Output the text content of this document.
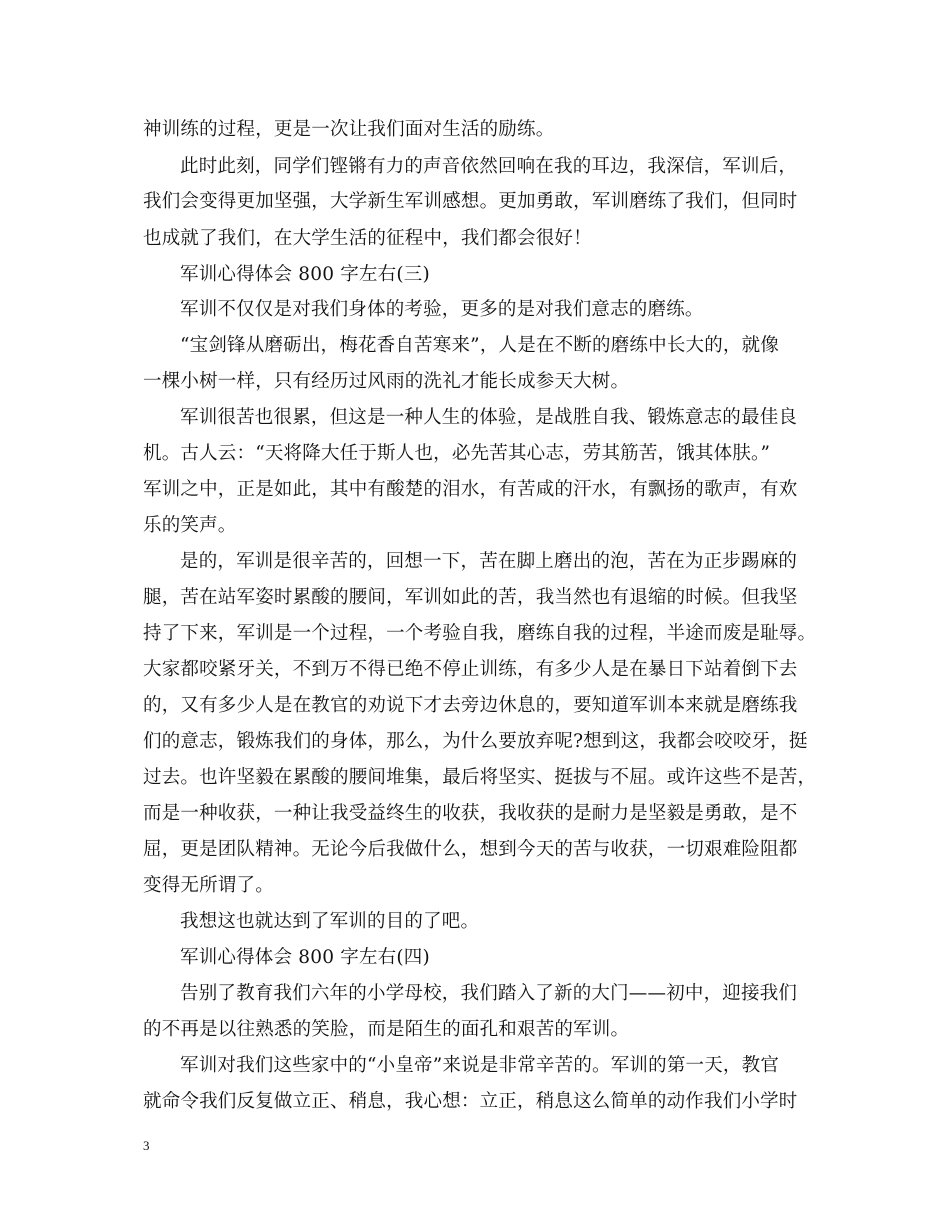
神训练的过程，更是一次让我们面对生活的励练。
此时此刻，同学们铿锵有力的声音依然回响在我的耳边，我深信，军训后，
我们会变得更加坚强，大学新生军训感想。更加勇敢，军训磨练了我们，但同时
也成就了我们，在大学生活的征程中，我们都会很好！
军训心得体会 800 字左右(三)
军训不仅仅是对我们身体的考验，更多的是对我们意志的磨练。
“宝剑锋从磨砺出，梅花香自苦寒来”，人是在不断的磨练中长大的，就像
一棵小树一样，只有经历过风雨的洗礼才能长成参天大树。
军训很苦也很累，但这是一种人生的体验，是战胜自我、锻炼意志的最佳良
机。古人云：“天将降大任于斯人也，必先苦其心志，劳其筋苦，饿其体肤。”
军训之中，正是如此，其中有酸楚的泪水，有苦咸的汗水，有飘扬的歌声，有欢
乐的笑声。
是的，军训是很辛苦的，回想一下，苦在脚上磨出的泡，苦在为正步踢麻的
腿，苦在站军姿时累酸的腰间，军训如此的苦，我当然也有退缩的时候。但我坚
持了下来，军训是一个过程，一个考验自我，磨练自我的过程，半途而废是耻辱。
大家都咬紧牙关，不到万不得已绝不停止训练，有多少人是在暴日下站着倒下去
的，又有多少人是在教官的劝说下才去旁边休息的，要知道军训本来就是磨练我
们的意志，锻炼我们的身体，那么，为什么要放弃呢?想到这，我都会咬咬牙，挺
过去。也许坚毅在累酸的腰间堆集，最后将坚实、挺拔与不屈。或许这些不是苦，
而是一种收获，一种让我受益终生的收获，我收获的是耐力是坚毅是勇敢，是不
屈，更是团队精神。无论今后我做什么，想到今天的苦与收获，一切艰难险阻都
变得无所谓了。
我想这也就达到了军训的目的了吧。
军训心得体会 800 字左右(四)
告别了教育我们六年的小学母校，我们踏入了新的大门——初中，迎接我们
的不再是以往熟悉的笑脸，而是陌生的面孔和艰苦的军训。
军训对我们这些家中的“小皇帝”来说是非常辛苦的。军训的第一天，教官
就命令我们反复做立正、稍息，我心想：立正，稍息这么简单的动作我们小学时
3
